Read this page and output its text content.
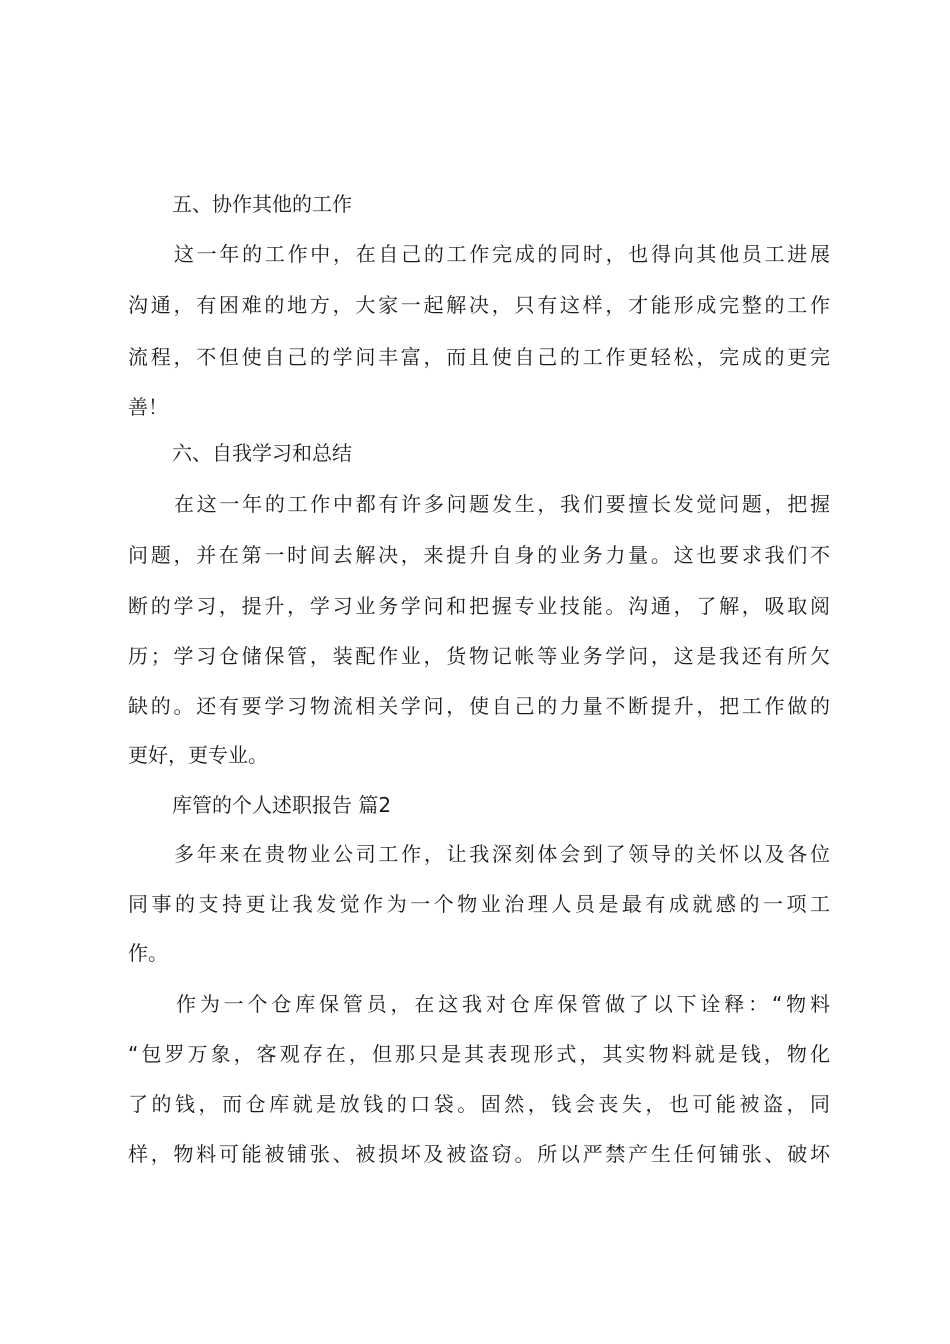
五、协作其他的工作
这一年的工作中，在自己的工作完成的同时，也得向其他员工进展
沟通，有困难的地方，大家一起解决，只有这样，才能形成完整的工作
流程，不但使自己的学问丰富，而且使自己的工作更轻松，完成的更完
善！
六、自我学习和总结
在这一年的工作中都有许多问题发生，我们要擅长发觉问题，把握
问题，并在第一时间去解决，来提升自身的业务力量。这也要求我们不
断的学习，提升，学习业务学问和把握专业技能。沟通，了解，吸取阅
历；学习仓储保管，装配作业，货物记帐等业务学问，这是我还有所欠
缺的。还有要学习物流相关学问，使自己的力量不断提升，把工作做的
更好，更专业。
库管的个人述职报告 篇2
多年来在贵物业公司工作，让我深刻体会到了领导的关怀以及各位
同事的支持更让我发觉作为一个物业治理人员是最有成就感的一项工
作。
作为一个仓库保管员，在这我对仓库保管做了以下诠释：“物料
“包罗万象，客观存在，但那只是其表现形式，其实物料就是钱，物化
了的钱，而仓库就是放钱的口袋。固然，钱会丧失，也可能被盗，同
样，物料可能被铺张、被损坏及被盗窃。所以严禁产生任何铺张、破坏
